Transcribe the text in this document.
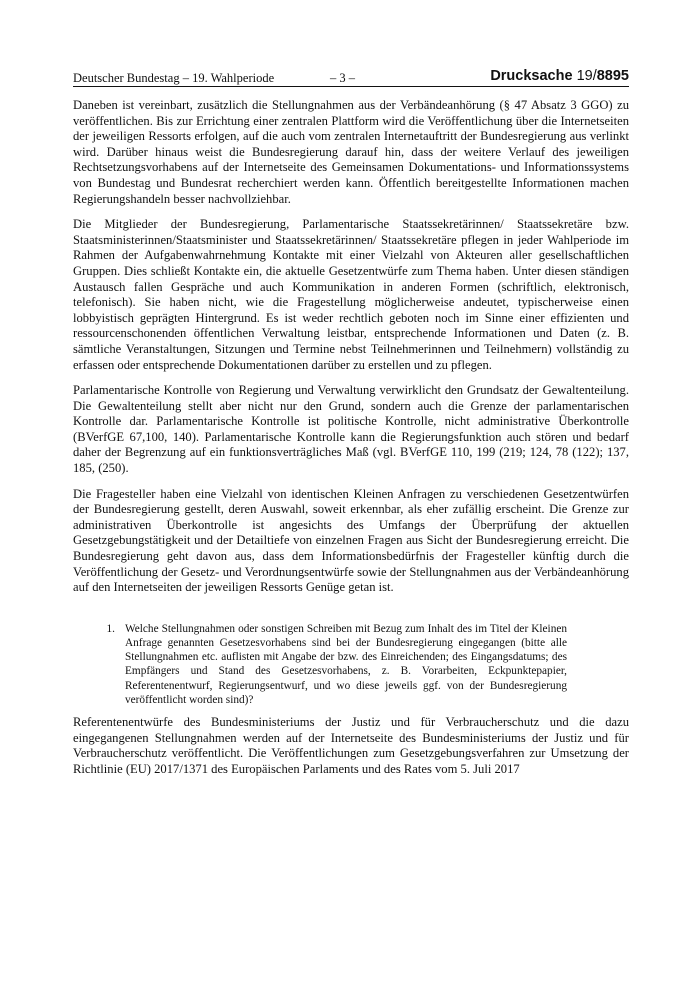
Deutscher Bundestag – 19. Wahlperiode	– 3 –	Drucksache 19/8895

Daneben ist vereinbart, zusätzlich die Stellungnahmen aus der Verbändeanhörung (§ 47 Absatz 3 GGO) zu veröffentlichen. Bis zur Errichtung einer zentralen Plattform wird die Veröffentlichung über die Internetseiten der jeweiligen Ressorts erfolgen, auf die auch vom zentralen Internetauftritt der Bundesregierung aus verlinkt wird. Darüber hinaus weist die Bundesregierung darauf hin, dass der weitere Verlauf des jeweiligen Rechtsetzungsvorhabens auf der Internetseite des Gemeinsamen Dokumentations- und Informationssystems von Bundestag und Bundesrat recherchiert werden kann. Öffentlich bereitgestellte Informationen machen Regierungshandeln besser nachvollziehbar.

Die Mitglieder der Bundesregierung, Parlamentarische Staatssekretärinnen/ Staatssekretäre bzw. Staatsministerinnen/Staatsminister und Staatssekretärinnen/ Staatssekretäre pflegen in jeder Wahlperiode im Rahmen der Aufgabenwahrnehmung Kontakte mit einer Vielzahl von Akteuren aller gesellschaftlichen Gruppen. Dies schließt Kontakte ein, die aktuelle Gesetzentwürfe zum Thema haben. Unter diesen ständigen Austausch fallen Gespräche und auch Kommunikation in anderen Formen (schriftlich, elektronisch, telefonisch). Sie haben nicht, wie die Fragestellung möglicherweise andeutet, typischerweise einen lobbyistisch geprägten Hintergrund. Es ist weder rechtlich geboten noch im Sinne einer effizienten und ressourcenschonenden öffentlichen Verwaltung leistbar, entsprechende Informationen und Daten (z. B. sämtliche Veranstaltungen, Sitzungen und Termine nebst Teilnehmerinnen und Teilnehmern) vollständig zu erfassen oder entsprechende Dokumentationen darüber zu erstellen und zu pflegen.

Parlamentarische Kontrolle von Regierung und Verwaltung verwirklicht den Grundsatz der Gewaltenteilung. Die Gewaltenteilung stellt aber nicht nur den Grund, sondern auch die Grenze der parlamentarischen Kontrolle dar. Parlamentarische Kontrolle ist politische Kontrolle, nicht administrative Überkontrolle (BVerfGE 67,100, 140). Parlamentarische Kontrolle kann die Regierungsfunktion auch stören und bedarf daher der Begrenzung auf ein funktionsverträgliches Maß (vgl. BVerfGE 110, 199 (219; 124, 78 (122); 137, 185, (250).

Die Fragesteller haben eine Vielzahl von identischen Kleinen Anfragen zu verschiedenen Gesetzentwürfen der Bundesregierung gestellt, deren Auswahl, soweit erkennbar, als eher zufällig erscheint. Die Grenze zur administrativen Überkontrolle ist angesichts des Umfangs der Überprüfung der aktuellen Gesetzgebungstätigkeit und der Detailtiefe von einzelnen Fragen aus Sicht der Bundesregierung erreicht. Die Bundesregierung geht davon aus, dass dem Informationsbedürfnis der Fragesteller künftig durch die Veröffentlichung der Gesetz- und Verordnungsentwürfe sowie der Stellungnahmen aus der Verbändeanhörung auf den Internetseiten der jeweiligen Ressorts Genüge getan ist.

1. Welche Stellungnahmen oder sonstigen Schreiben mit Bezug zum Inhalt des im Titel der Kleinen Anfrage genannten Gesetzesvorhabens sind bei der Bundesregierung eingegangen (bitte alle Stellungnahmen etc. auflisten mit Angabe der bzw. des Einreichenden; des Eingangsdatums; des Empfängers und Stand des Gesetzesvorhabens, z. B. Vorarbeiten, Eckpunktepapier, Referentenentwurf, Regierungsentwurf, und wo diese jeweils ggf. von der Bundesregierung veröffentlicht worden sind)?

Referentenentwürfe des Bundesministeriums der Justiz und für Verbraucherschutz und die dazu eingegangenen Stellungnahmen werden auf der Internetseite des Bundesministeriums der Justiz und für Verbraucherschutz veröffentlicht. Die Veröffentlichungen zum Gesetzgebungsverfahren zur Umsetzung der Richtlinie (EU) 2017/1371 des Europäischen Parlaments und des Rates vom 5. Juli 2017
